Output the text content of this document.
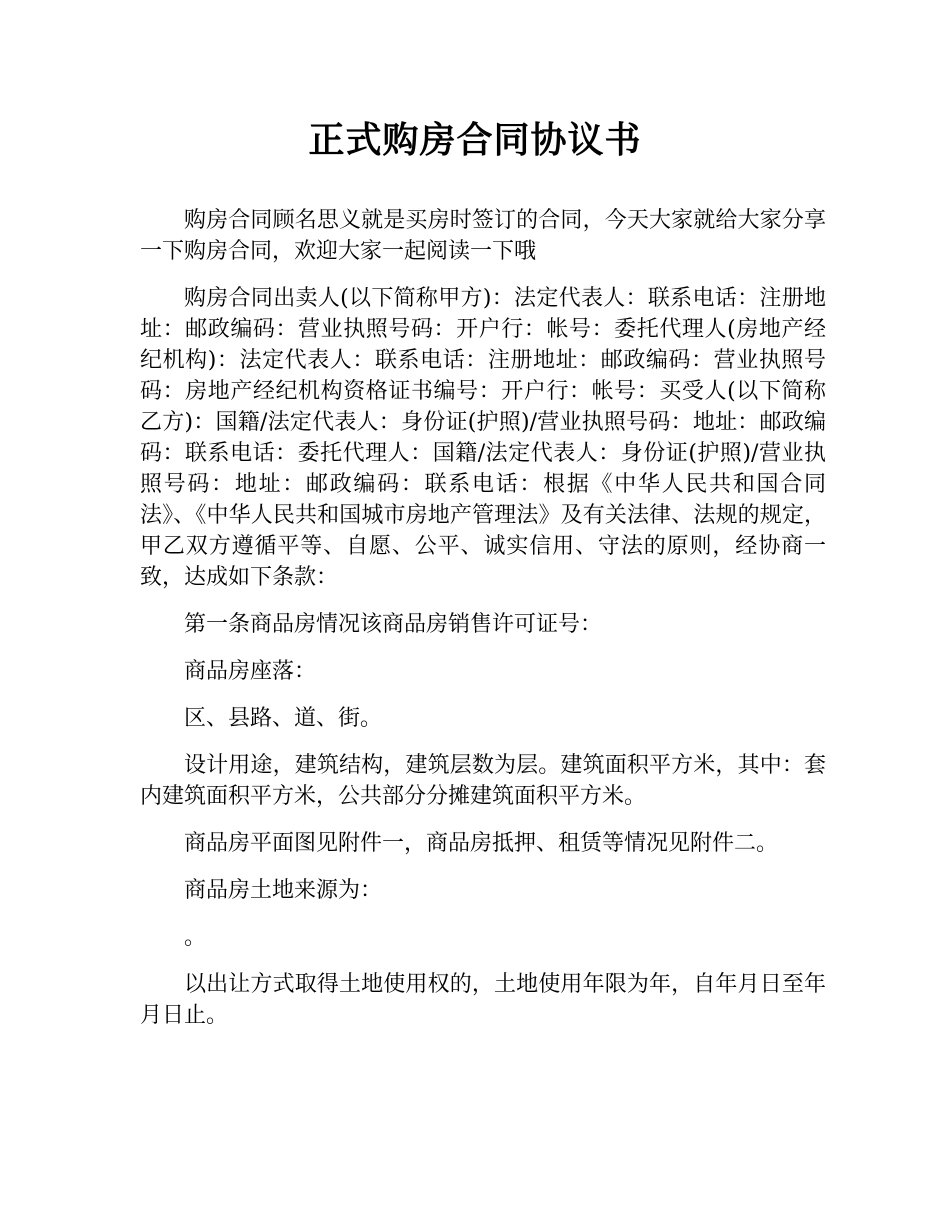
正式购房合同协议书

购房合同顾名思义就是买房时签订的合同，今天大家就给大家分享一下购房合同，欢迎大家一起阅读一下哦

购房合同出卖人(以下简称甲方)：法定代表人：联系电话：注册地址：邮政编码：营业执照号码：开户行：帐号：委托代理人(房地产经纪机构)：法定代表人：联系电话：注册地址：邮政编码：营业执照号码：房地产经纪机构资格证书编号：开户行：帐号：买受人(以下简称乙方)：国籍/法定代表人：身份证(护照)/营业执照号码：地址：邮政编码：联系电话：委托代理人：国籍/法定代表人：身份证(护照)/营业执照号码：地址：邮政编码：联系电话：根据《中华人民共和国合同法》、《中华人民共和国城市房地产管理法》及有关法律、法规的规定，甲乙双方遵循平等、自愿、公平、诚实信用、守法的原则，经协商一致，达成如下条款：

第一条商品房情况该商品房销售许可证号：

商品房座落：

区、县路、道、街。

设计用途，建筑结构，建筑层数为层。建筑面积平方米，其中：套内建筑面积平方米，公共部分分摊建筑面积平方米。

商品房平面图见附件一，商品房抵押、租赁等情况见附件二。

商品房土地来源为：

。

以出让方式取得土地使用权的，土地使用年限为年，自年月日至年月日止。
